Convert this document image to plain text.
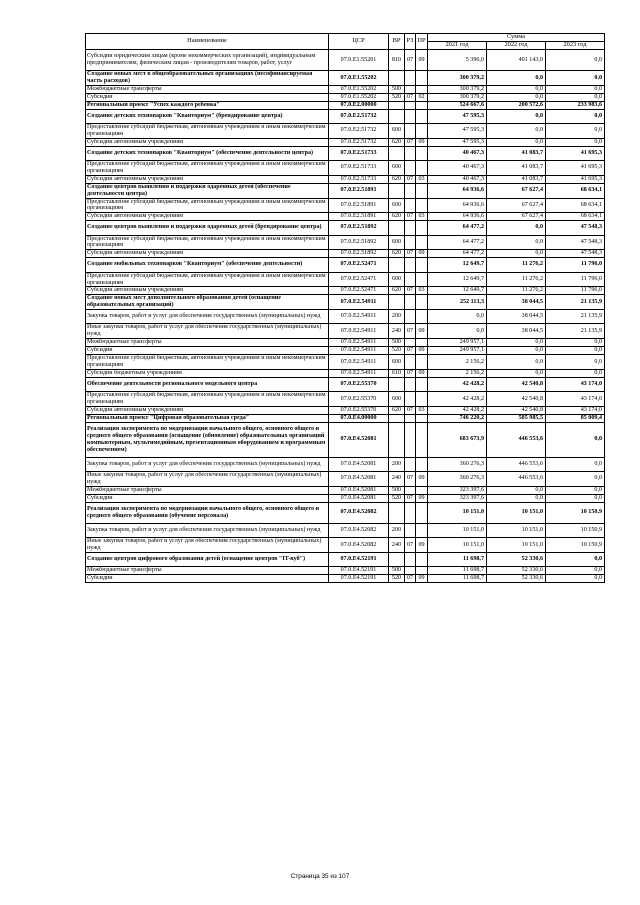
Наименование	ЦСР	ВР	РЗ	ПР	Сумма		
					2021 год	2022 год	2023 год
Субсидии юридическим лицам (кроме некоммерческих организаций), индивидуальным предпринимателям, физическим лицам - производителям товаров, работ, услуг	07.0.E1.55201	810	07	09	5 396,0	401 143,0	0,0
Создание новых мест в общеобразовательных организациях (несофинансируемая часть расходов)	07.0.E1.55202				300 379,2	0,0	0,0
Межбюджетные трансферты	07.0.E1.55202	500			300 379,2	0,0	0,0
Субсидии	07.0.E1.55202	520	07	02	300 379,2	0,0	0,0
Региональный проект "Успех каждого ребенка"	07.0.E2.00000				524 667,6	200 572,6	233 983,6
Создание детских технопарков "Кванториум" (брендирование центра)	07.0.E2.51732				47 595,3	0,0	0,0
Предоставление субсидий бюджетным, автономным учреждениям и иным некоммерческим организациям	07.0.E2.51732	600			47 595,3	0,0	0,0
Субсидии автономным учреждениям	07.0.E2.51732	620	07	09	47 595,3	0,0	0,0
Создание детских технопарков "Кванториум" (обеспечение деятельности центра)	07.0.E2.51733				40 467,3	41 083,7	41 695,3
Предоставление субсидий бюджетным, автономным учреждениям и иным некоммерческим организациям	07.0.E2.51733	600			40 467,3	41 083,7	41 695,3
Субсидии автономным учреждениям	07.0.E2.51733	620	07	03	40 467,3	41 083,7	41 695,3
Создание центров выявления и поддержки одаренных детей (обеспечение деятельности центра)	07.0.E2.51891				64 936,6	67 627,4	68 634,1
Предоставление субсидий бюджетным, автономным учреждениям и иным некоммерческим организациям	07.0.E2.51891	600			64 936,6	67 627,4	68 634,1
Субсидии автономным учреждениям	07.0.E2.51891	620	07	03	64 936,6	67 627,4	68 634,1
Создание центров выявления и поддержки одаренных детей (брендирование центра)	07.0.E2.51892				64 477,2	0,0	47 548,3
Предоставление субсидий бюджетным, автономным учреждениям и иным некоммерческим организациям	07.0.E2.51892	600			64 477,2	0,0	47 548,3
Субсидии автономным учреждениям	07.0.E2.51892	620	07	09	64 477,2	0,0	47 548,3
Создание мобильных технопарков "Кванториум" (обеспечение деятельности)	07.0.E2.52471				12 649,7	11 276,2	11 796,0
Предоставление субсидий бюджетным, автономным учреждениям и иным некоммерческим организациям	07.0.E2.52471	600			12 649,7	11 276,2	11 796,0
Субсидии автономным учреждениям	07.0.E2.52471	620	07	03	12 649,7	11 276,2	11 796,0
Создание новых мест дополнительного образования детей (оснащение образовательных организаций)	07.0.E2.54911				252 113,3	38 044,5	21 135,9
Закупка товаров, работ и услуг для обеспечения государственных (муниципальных) нужд	07.0.E2.54911	200			0,0	38 044,5	21 135,9
Иные закупки товаров, работ и услуг для обеспечения государственных (муниципальных) нужд	07.0.E2.54911	240	07	09	0,0	38 044,5	21 135,9
Межбюджетные трансферты	07.0.E2.54911	500			249 957,1	0,0	0,0
Субсидии	07.0.E2.54911	520	07	09	249 957,1	0,0	0,0
Предоставление субсидий бюджетным, автономным учреждениям и иным некоммерческим организациям	07.0.E2.54911	600			2 156,2	0,0	0,0
Субсидии бюджетным учреждениям	07.0.E2.54911	610	07	09	2 156,2	0,0	0,0
Обеспечение деятельности регионального модельного центра	07.0.E2.55370				42 428,2	42 540,8	43 174,0
Предоставление субсидий бюджетным, автономным учреждениям и иным некоммерческим организациям	07.0.E2.55370	600			42 428,2	42 540,8	43 174,0
Субсидии автономным учреждениям	07.0.E2.55370	620	07	03	42 428,2	42 540,8	43 174,0
Региональный проект "Цифровая образовательная среда"	07.0.E4.00000				746 220,2	585 985,5	85 009,4
Реализация эксперимента по модернизации начального общего, основного общего и среднего общего образования (оснащение (обновление) образовательных организаций компьютерным, мультимедийным, презентационным оборудованием и программным обеспечением)	07.0.E4.52081				683 673,9	446 553,6	0,0
Закупка товаров, работ и услуг для обеспечения государственных (муниципальных) нужд	07.0.E4.52081	200			360 276,3	446 553,6	0,0
Иные закупки товаров, работ и услуг для обеспечения государственных (муниципальных) нужд	07.0.E4.52081	240	07	09	360 276,3	446 553,6	0,0
Межбюджетные трансферты	07.0.E4.52081	500			323 397,6	0,0	0,0
Субсидии	07.0.E4.52081	520	07	09	323 397,6	0,0	0,0
Реализация эксперимента по модернизации начального общего, основного общего и среднего общего образования (обучение персонала)	07.0.E4.52082				10 151,0	10 151,0	10 150,9
Закупка товаров, работ и услуг для обеспечения государственных (муниципальных) нужд	07.0.E4.52082	200			10 151,0	10 151,0	10 150,9
Иные закупки товаров, работ и услуг для обеспечения государственных (муниципальных) нужд	07.0.E4.52082	240	07	09	10 151,0	10 151,0	10 150,9
Создание центров цифрового образования детей (оснащение центров "IT-куб")	07.0.E4.52191				11 698,7	52 330,6	0,0
Межбюджетные трансферты	07.0.E4.52191	500			11 698,7	52 330,6	0,0
Субсидии	07.0.E4.52191	520	07	09	11 698,7	52 330,6	0,0
Страница 35 из 107
